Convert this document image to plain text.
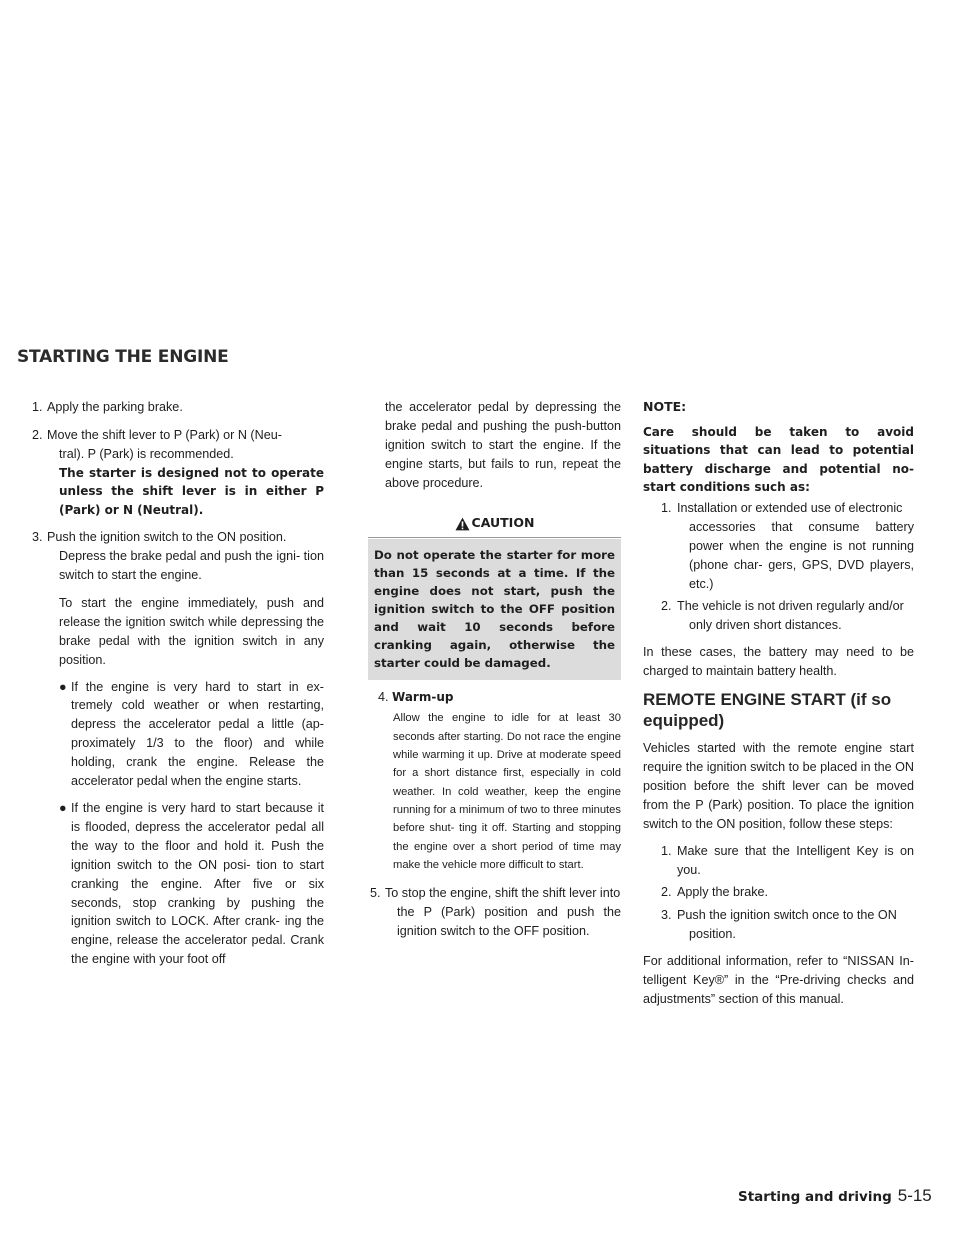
STARTING THE ENGINE

1. Apply the parking brake.

2. Move the shift lever to P (Park) or N (Neu-
tral). P (Park) is recommended.
The starter is designed not to operate unless the shift lever is in either P (Park) or N (Neutral).

3. Push the ignition switch to the ON position.
Depress the brake pedal and push the igni- tion switch to start the engine.

To start the engine immediately, push and release the ignition switch while depressing the brake pedal with the ignition switch in any position.

● If the engine is very hard to start in ex- tremely cold weather or when restarting, depress the accelerator pedal a little (ap- proximately 1/3 to the floor) and while holding, crank the engine. Release the accelerator pedal when the engine starts.

● If the engine is very hard to start because it is flooded, depress the accelerator pedal all the way to the floor and hold it. Push the ignition switch to the ON posi- tion to start cranking the engine. After five or six seconds, stop cranking by pushing the ignition switch to LOCK. After crank- ing the engine, release the accelerator pedal. Crank the engine with your foot off

the accelerator pedal by depressing the brake pedal and pushing the push-button ignition switch to start the engine. If the engine starts, but fails to run, repeat the above procedure.

CAUTION

Do not operate the starter for more than 15 seconds at a time. If the engine does not start, push the ignition switch to the OFF position and wait 10 seconds before cranking again, otherwise the starter could be damaged.

4. Warm-up

Allow the engine to idle for at least 30 seconds after starting. Do not race the engine while warming it up. Drive at moderate speed for a short distance first, especially in cold weather. In cold weather, keep the engine running for a minimum of two to three minutes before shut- ting it off. Starting and stopping the engine over a short period of time may make the vehicle more difficult to start.

5. To stop the engine, shift the shift lever into
the P (Park) position and push the ignition switch to the OFF position.

NOTE:

Care should be taken to avoid situations that can lead to potential battery discharge and potential no-start conditions such as:

1. Installation or extended use of electronic
accessories that consume battery power when the engine is not running (phone char- gers, GPS, DVD players, etc.)

2. The vehicle is not driven regularly and/or
only driven short distances.

In these cases, the battery may need to be charged to maintain battery health.

REMOTE ENGINE START (if so equipped)

Vehicles started with the remote engine start require the ignition switch to be placed in the ON position before the shift lever can be moved from the P (Park) position. To place the ignition switch to the ON position, follow these steps:

1. Make sure that the Intelligent Key is on you.

2. Apply the brake.

3. Push the ignition switch once to the ON
position.

For additional information, refer to “NISSAN In- telligent Key®” in the “Pre-driving checks and adjustments” section of this manual.

Starting and driving 5-15
